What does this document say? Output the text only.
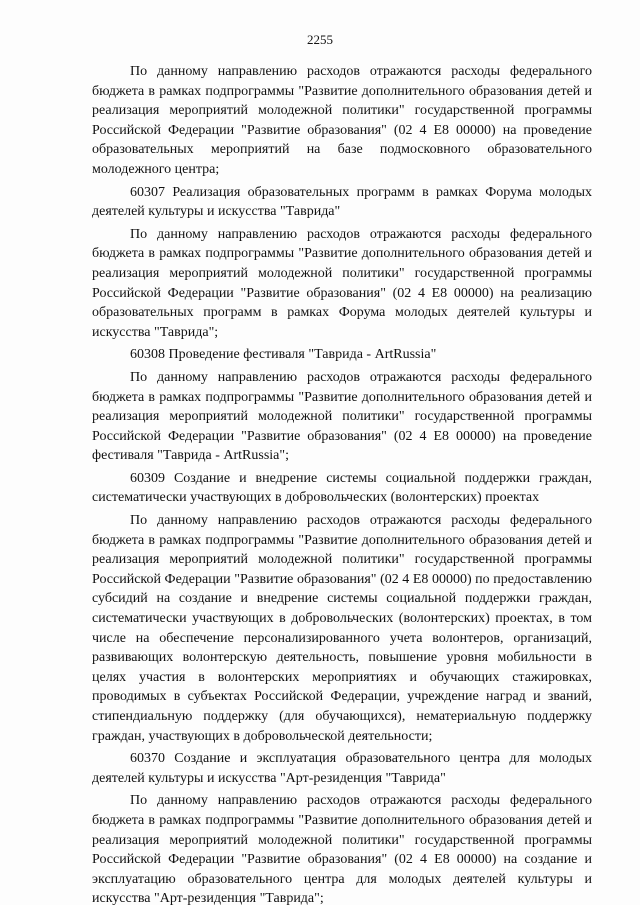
2255

По данному направлению расходов отражаются расходы федерального бюджета в рамках подпрограммы "Развитие дополнительного образования детей и реализация мероприятий молодежной политики" государственной программы Российской Федерации "Развитие образования" (02 4 Е8 00000) на проведение образовательных мероприятий на базе подмосковного образовательного молодежного центра;

60307 Реализация образовательных программ в рамках Форума молодых деятелей культуры и искусства "Таврида"

По данному направлению расходов отражаются расходы федерального бюджета в рамках подпрограммы "Развитие дополнительного образования детей и реализация мероприятий молодежной политики" государственной программы Российской Федерации "Развитие образования" (02 4 Е8 00000) на реализацию образовательных программ в рамках Форума молодых деятелей культуры и искусства "Таврида";

60308 Проведение фестиваля "Таврида - ArtRussia"

По данному направлению расходов отражаются расходы федерального бюджета в рамках подпрограммы "Развитие дополнительного образования детей и реализация мероприятий молодежной политики" государственной программы Российской Федерации "Развитие образования" (02 4 Е8 00000) на проведение фестиваля "Таврида - ArtRussia";

60309 Создание и внедрение системы социальной поддержки граждан, систематически участвующих в добровольческих (волонтерских) проектах

По данному направлению расходов отражаются расходы федерального бюджета в рамках подпрограммы "Развитие дополнительного образования детей и реализация мероприятий молодежной политики" государственной программы Российской Федерации "Развитие образования" (02 4 Е8 00000) по предоставлению субсидий на создание и внедрение системы социальной поддержки граждан, систематически участвующих в добровольческих (волонтерских) проектах, в том числе на обеспечение персонализированного учета волонтеров, организаций, развивающих волонтерскую деятельность, повышение уровня мобильности в целях участия в волонтерских мероприятиях и обучающих стажировках, проводимых в субъектах Российской Федерации, учреждение наград и званий, стипендиальную поддержку (для обучающихся), нематериальную поддержку граждан, участвующих в добровольческой деятельности;

60370 Создание и эксплуатация образовательного центра для молодых деятелей культуры и искусства "Арт-резиденция "Таврида"

По данному направлению расходов отражаются расходы федерального бюджета в рамках подпрограммы "Развитие дополнительного образования детей и реализация мероприятий молодежной политики" государственной программы Российской Федерации "Развитие образования" (02 4 Е8 00000) на создание и эксплуатацию образовательного центра для молодых деятелей культуры и искусства "Арт-резиденция "Таврида";
